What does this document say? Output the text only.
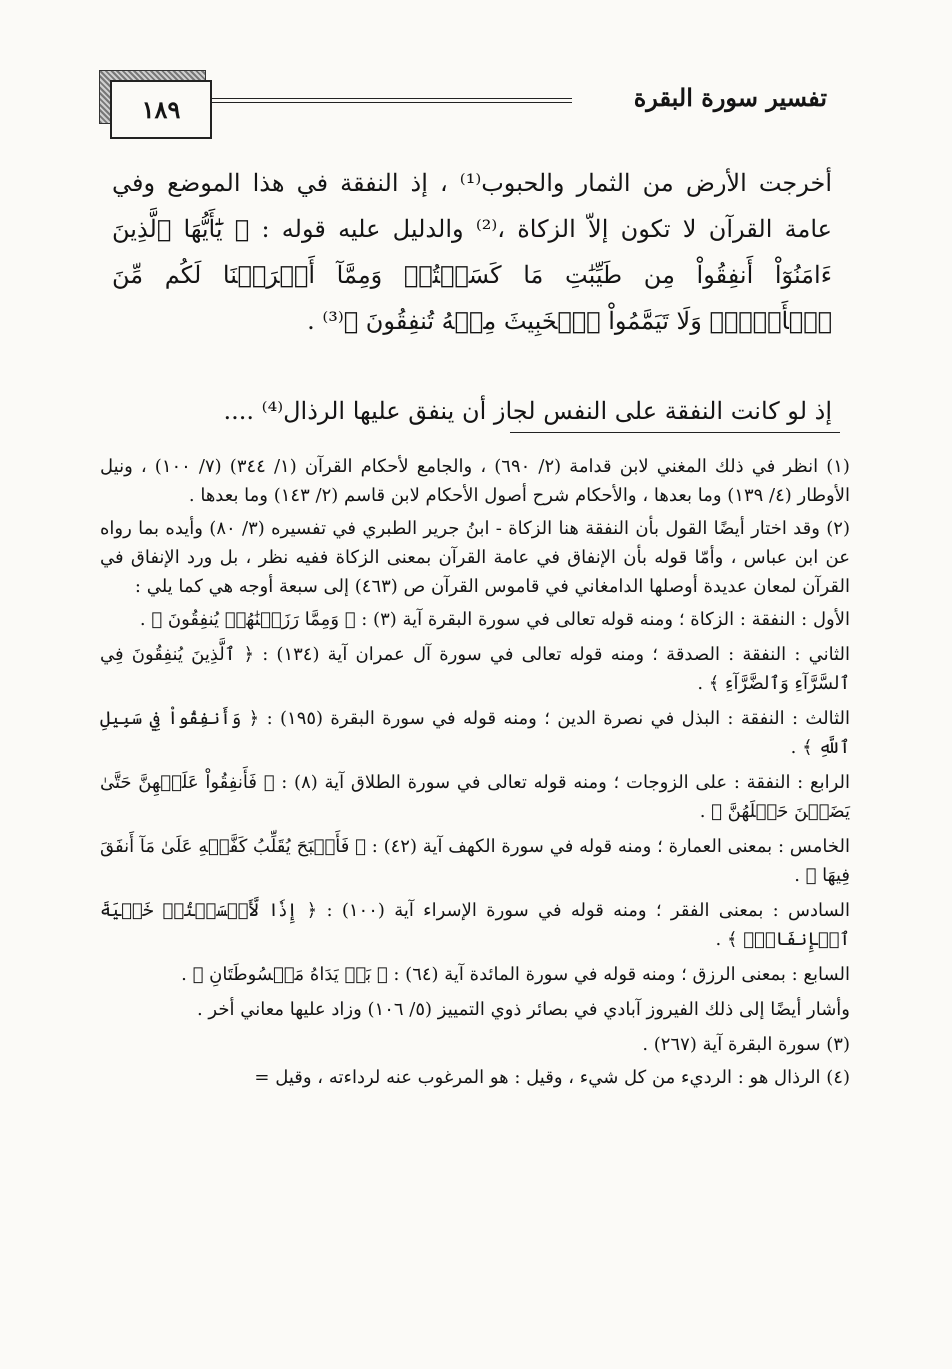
تفسير سورة البقرة
١٨٩

أخرجت الأرض من الثمار والحبوب⁽¹⁾ ، إذ النفقة في هذا الموضع وفي عامة القرآن لا تكون إلاّ الزكاة ،⁽²⁾ والدليل عليه قوله : ﴿ يَٰٓأَيُّهَا ٱلَّذِينَ ءَامَنُوٓاْ أَنفِقُواْ مِن طَيِّبَٰتِ مَا كَسَبۡتُمۡ وَمِمَّآ أَخۡرَجۡنَا لَكُم مِّنَ ٱلۡأَرۡضِۖ وَلَا تَيَمَّمُواْ ٱلۡخَبِيثَ مِنۡهُ تُنفِقُونَ ﴾⁽³⁾ .

إذ لو كانت النفقة على النفس لجاز أن ينفق عليها الرذال⁽⁴⁾ ....

(١) انظر في ذلك المغني لابن قدامة (٢/ ٦٩٠) ، والجامع لأحكام القرآن (١/ ٣٤٤) (٧/ ١٠٠) ، ونيل الأوطار (٤/ ١٣٩) وما بعدها ، والأحكام شرح أصول الأحكام لابن قاسم (٢/ ١٤٣) وما بعدها .

(٢) وقد اختار أيضًا القول بأن النفقة هنا الزكاة - ابنُ جرير الطبري في تفسيره (٣/ ٨٠) وأيده بما رواه عن ابن عباس ، وأمّا قوله بأن الإنفاق في عامة القرآن بمعنى الزكاة ففيه نظر ، بل ورد الإنفاق في القرآن لمعان عديدة أوصلها الدامغاني في قاموس القرآن ص (٤٦٣) إلى سبعة أوجه هي كما يلي :

الأول : النفقة : الزكاة ؛ ومنه قوله تعالى في سورة البقرة آية (٣) : ﴿ وَمِمَّا رَزَقۡنَٰهُمۡ يُنفِقُونَ ﴾ .

الثاني : النفقة : الصدقة ؛ ومنه قوله تعالى في سورة آل عمران آية (١٣٤) : ﴿ ٱلَّذِينَ يُنفِقُونَ فِي ٱلسَّرَّآءِ وَٱلضَّرَّآءِ ﴾ .

الثالث : النفقة : البذل في نصرة الدين ؛ ومنه قوله في سورة البقرة (١٩٥) : ﴿ وَأَنفِقُواْ فِي سَبِيلِ ٱللَّهِ ﴾ .

الرابع : النفقة : على الزوجات ؛ ومنه قوله تعالى في سورة الطلاق آية (٨) : ﴿ فَأَنفِقُواْ عَلَيۡهِنَّ حَتَّىٰ يَضَعۡنَ حَمۡلَهُنَّ ﴾ .

الخامس : بمعنى العمارة ؛ ومنه قوله في سورة الكهف آية (٤٢) : ﴿ فَأَصۡبَحَ يُقَلِّبُ كَفَّيۡهِ عَلَىٰ مَآ أَنفَقَ فِيهَا ﴾ .

السادس : بمعنى الفقر ؛ ومنه قوله في سورة الإسراء آية (١٠٠) : ﴿ إِذٗا لَّأَمۡسَكۡتُمۡ خَشۡيَةَ ٱلۡإِنفَاقِۚ ﴾ .

السابع : بمعنى الرزق ؛ ومنه قوله في سورة المائدة آية (٦٤) : ﴿ بَلۡ يَدَاهُ مَبۡسُوطَتَانِ ﴾ .

وأشار أيضًا إلى ذلك الفيروز آبادي في بصائر ذوي التمييز (٥/ ١٠٦) وزاد عليها معاني أخر .

(٣) سورة البقرة آية (٢٦٧) .

(٤) الرذال هو : الرديء من كل شيء ، وقيل : هو المرغوب عنه لرداءته ، وقيل =
